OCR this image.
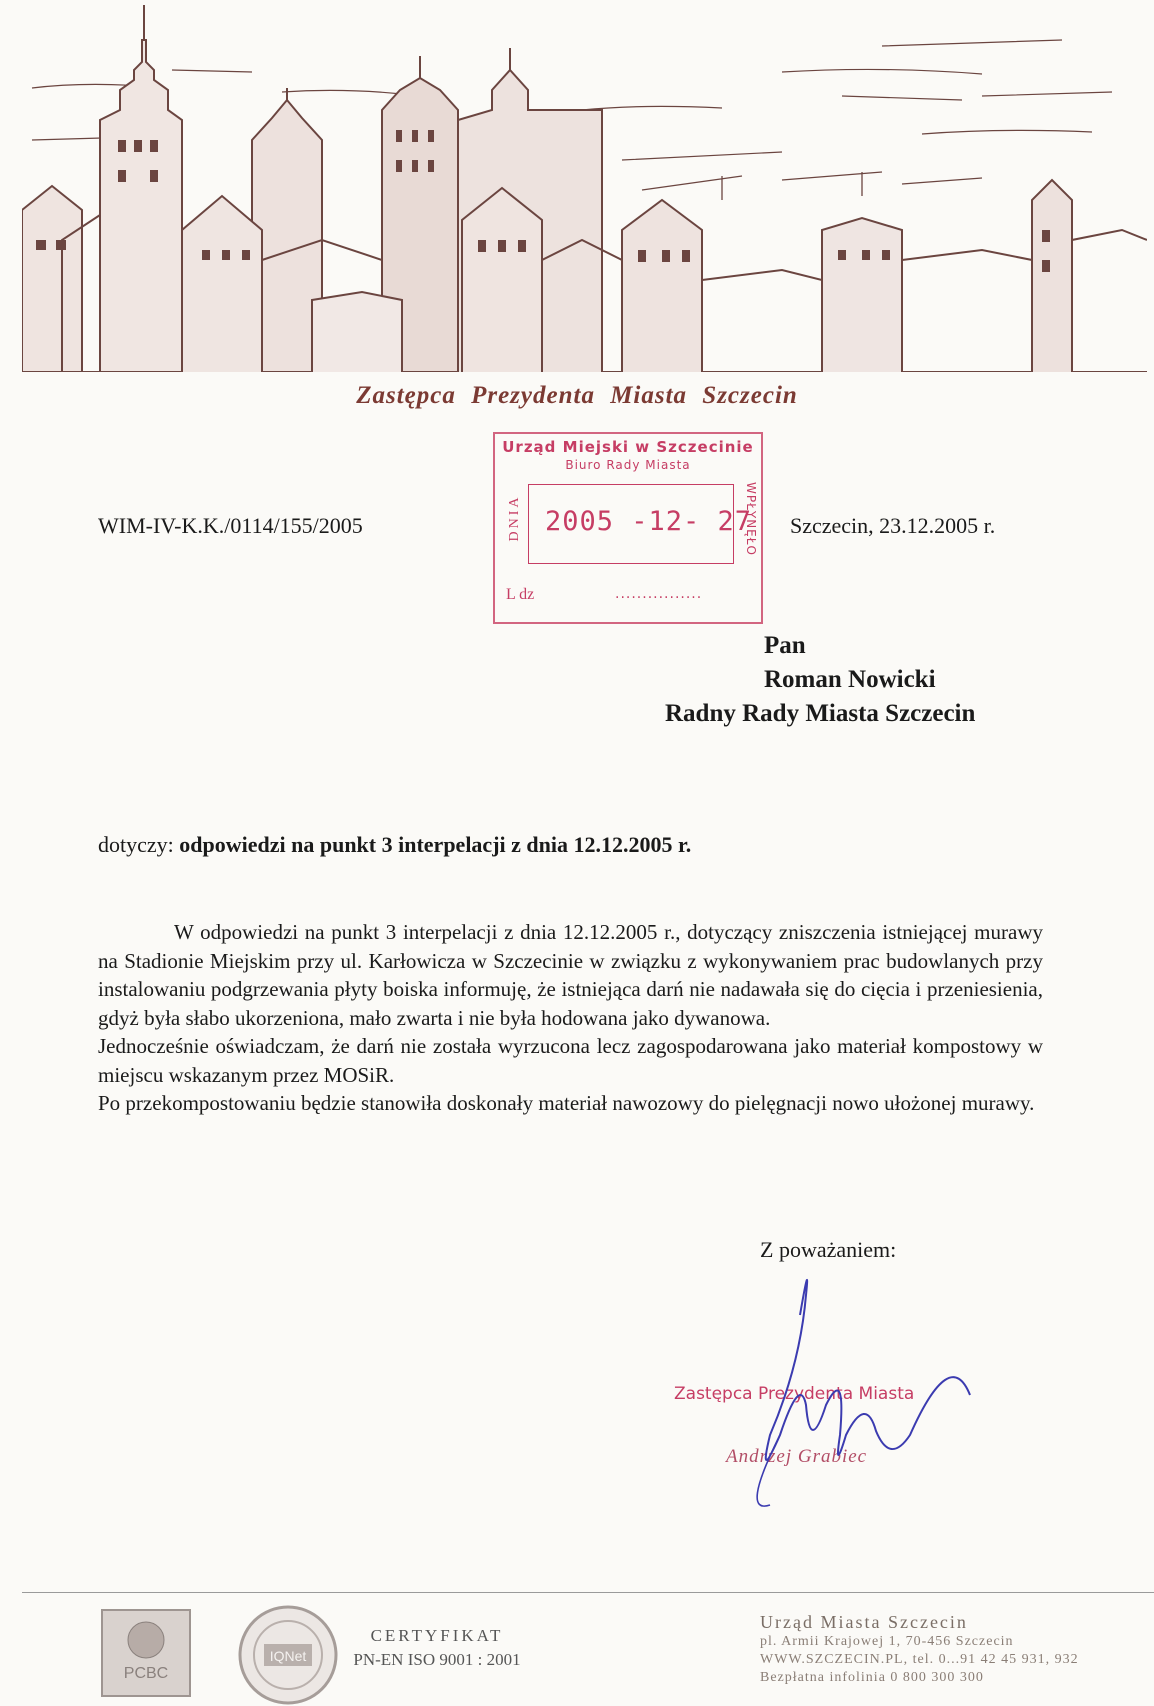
Zastępca Prezydenta Miasta Szczecin
WIM-IV-K.K./0114/155/2005	Szczecin, 23.12.2005 r.
Urząd Miejski w Szczecinie
Biuro Rady Miasta
DNIA 2005 -12- 27
WPŁYNĘŁO
L dz	................
Pan
Roman Nowicki
Radny Rady Miasta Szczecin
dotyczy: odpowiedzi na punkt 3 interpelacji z dnia 12.12.2005 r.

W odpowiedzi na punkt 3 interpelacji z dnia 12.12.2005 r., dotyczący zniszczenia istniejącej murawy na Stadionie Miejskim przy ul. Karłowicza w Szczecinie w związku z wykonywaniem prac budowlanych przy instalowaniu podgrzewania płyty boiska informuję, że istniejąca darń nie nadawała się do cięcia i przeniesienia, gdyż była słabo ukorzeniona, mało zwarta i nie była hodowana jako dywanowa.

Jednocześnie oświadczam, że darń nie została wyrzucona lecz zagospodarowana jako materiał kompostowy w miejscu wskazanym przez MOSiR.

Po przekompostowaniu będzie stanowiła doskonały materiał nawozowy do pielęgnacji nowo ułożonej murawy.

Z poważaniem:
Zastępca Prezydenta Miasta
Andrzej Grabiec
PCBC
IQNet
CERTYFIKAT
PN-EN ISO 9001 : 2001
Urząd Miasta Szczecin
pl. Armii Krajowej 1, 70-456 Szczecin
WWW.SZCZECIN.PL, tel. 0...91 42 45 931, 932
Bezpłatna infolinia 0 800 300 300
